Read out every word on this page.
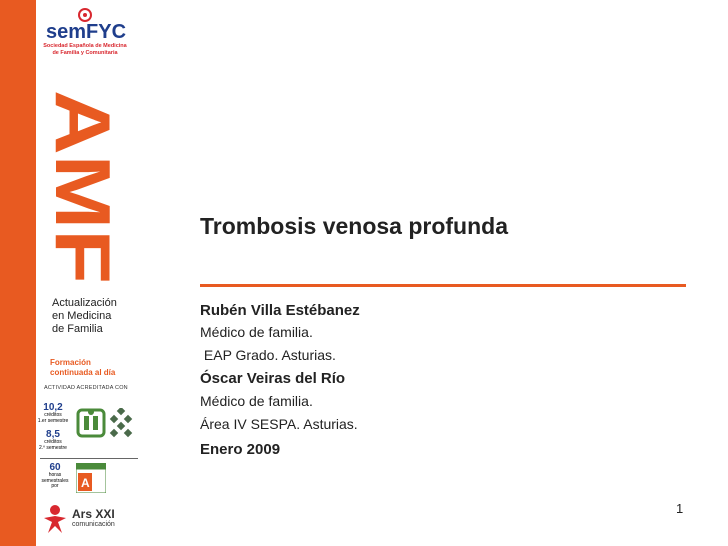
semFYC
Sociedad Española de Medicina
de Familia y Comunitaria
AMF
Actualización
en Medicina
de Familia
Formación
continuada al día
ACTIVIDAD ACREDITADA CON
10,2
créditos
1.er semestre
8,5
créditos
2.º semestre
60
horas
semestrales
por	A
Ars XXI
comunicación
Trombosis venosa profunda
Rubén Villa Estébanez
Médico de familia.
EAP Grado. Asturias.
Óscar Veiras del Río
Médico de familia.
Área IV SESPA. Asturias.
Enero 2009
1
